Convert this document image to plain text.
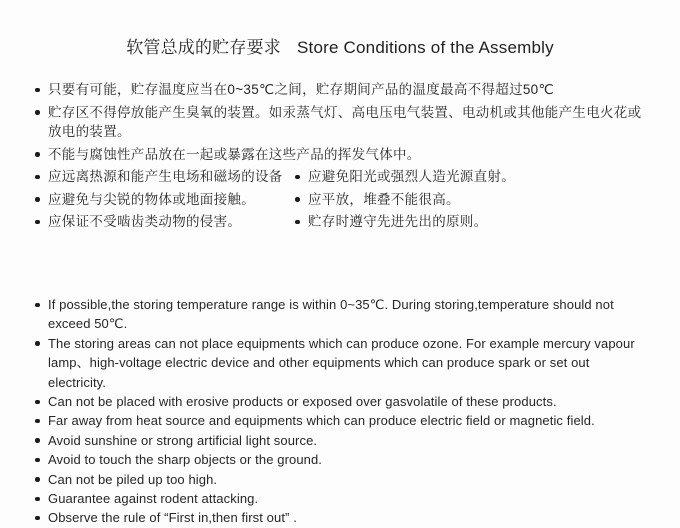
软管总成的贮存要求 Store Conditions of the Assembly
只要有可能，贮存温度应当在0~35℃之间，贮存期间产品的温度最高不得超过50℃
贮存区不得停放能产生臭氧的装置。如汞蒸气灯、高电压电气装置、电动机或其他能产生电火花或放电的装置。
不能与腐蚀性产品放在一起或暴露在这些产品的挥发气体中。
应远离热源和能产生电场和磁场的设备
应避免与尖锐的物体或地面接触。
应保证不受啮齿类动物的侵害。
应避免阳光或强烈人造光源直射。
应平放，堆叠不能很高。
贮存时遵守先进先出的原则。
If possible,the storing temperature range is within 0~35℃. During storing,temperature should not exceed 50℃.
The storing areas can not place equipments which can produce ozone. For example mercury vapour lamp、high-voltage electric device and other equipments which can produce spark or set out electricity.
Can not be placed with erosive products or exposed over gasvolatile of these products.
Far away from heat source and equipments which can produce electric field or magnetic field.
Avoid sunshine or strong artificial light source.
Avoid to touch the sharp objects or the ground.
Can not be piled up too high.
Guarantee against rodent attacking.
Observe the rule of “First in,then first out” .
